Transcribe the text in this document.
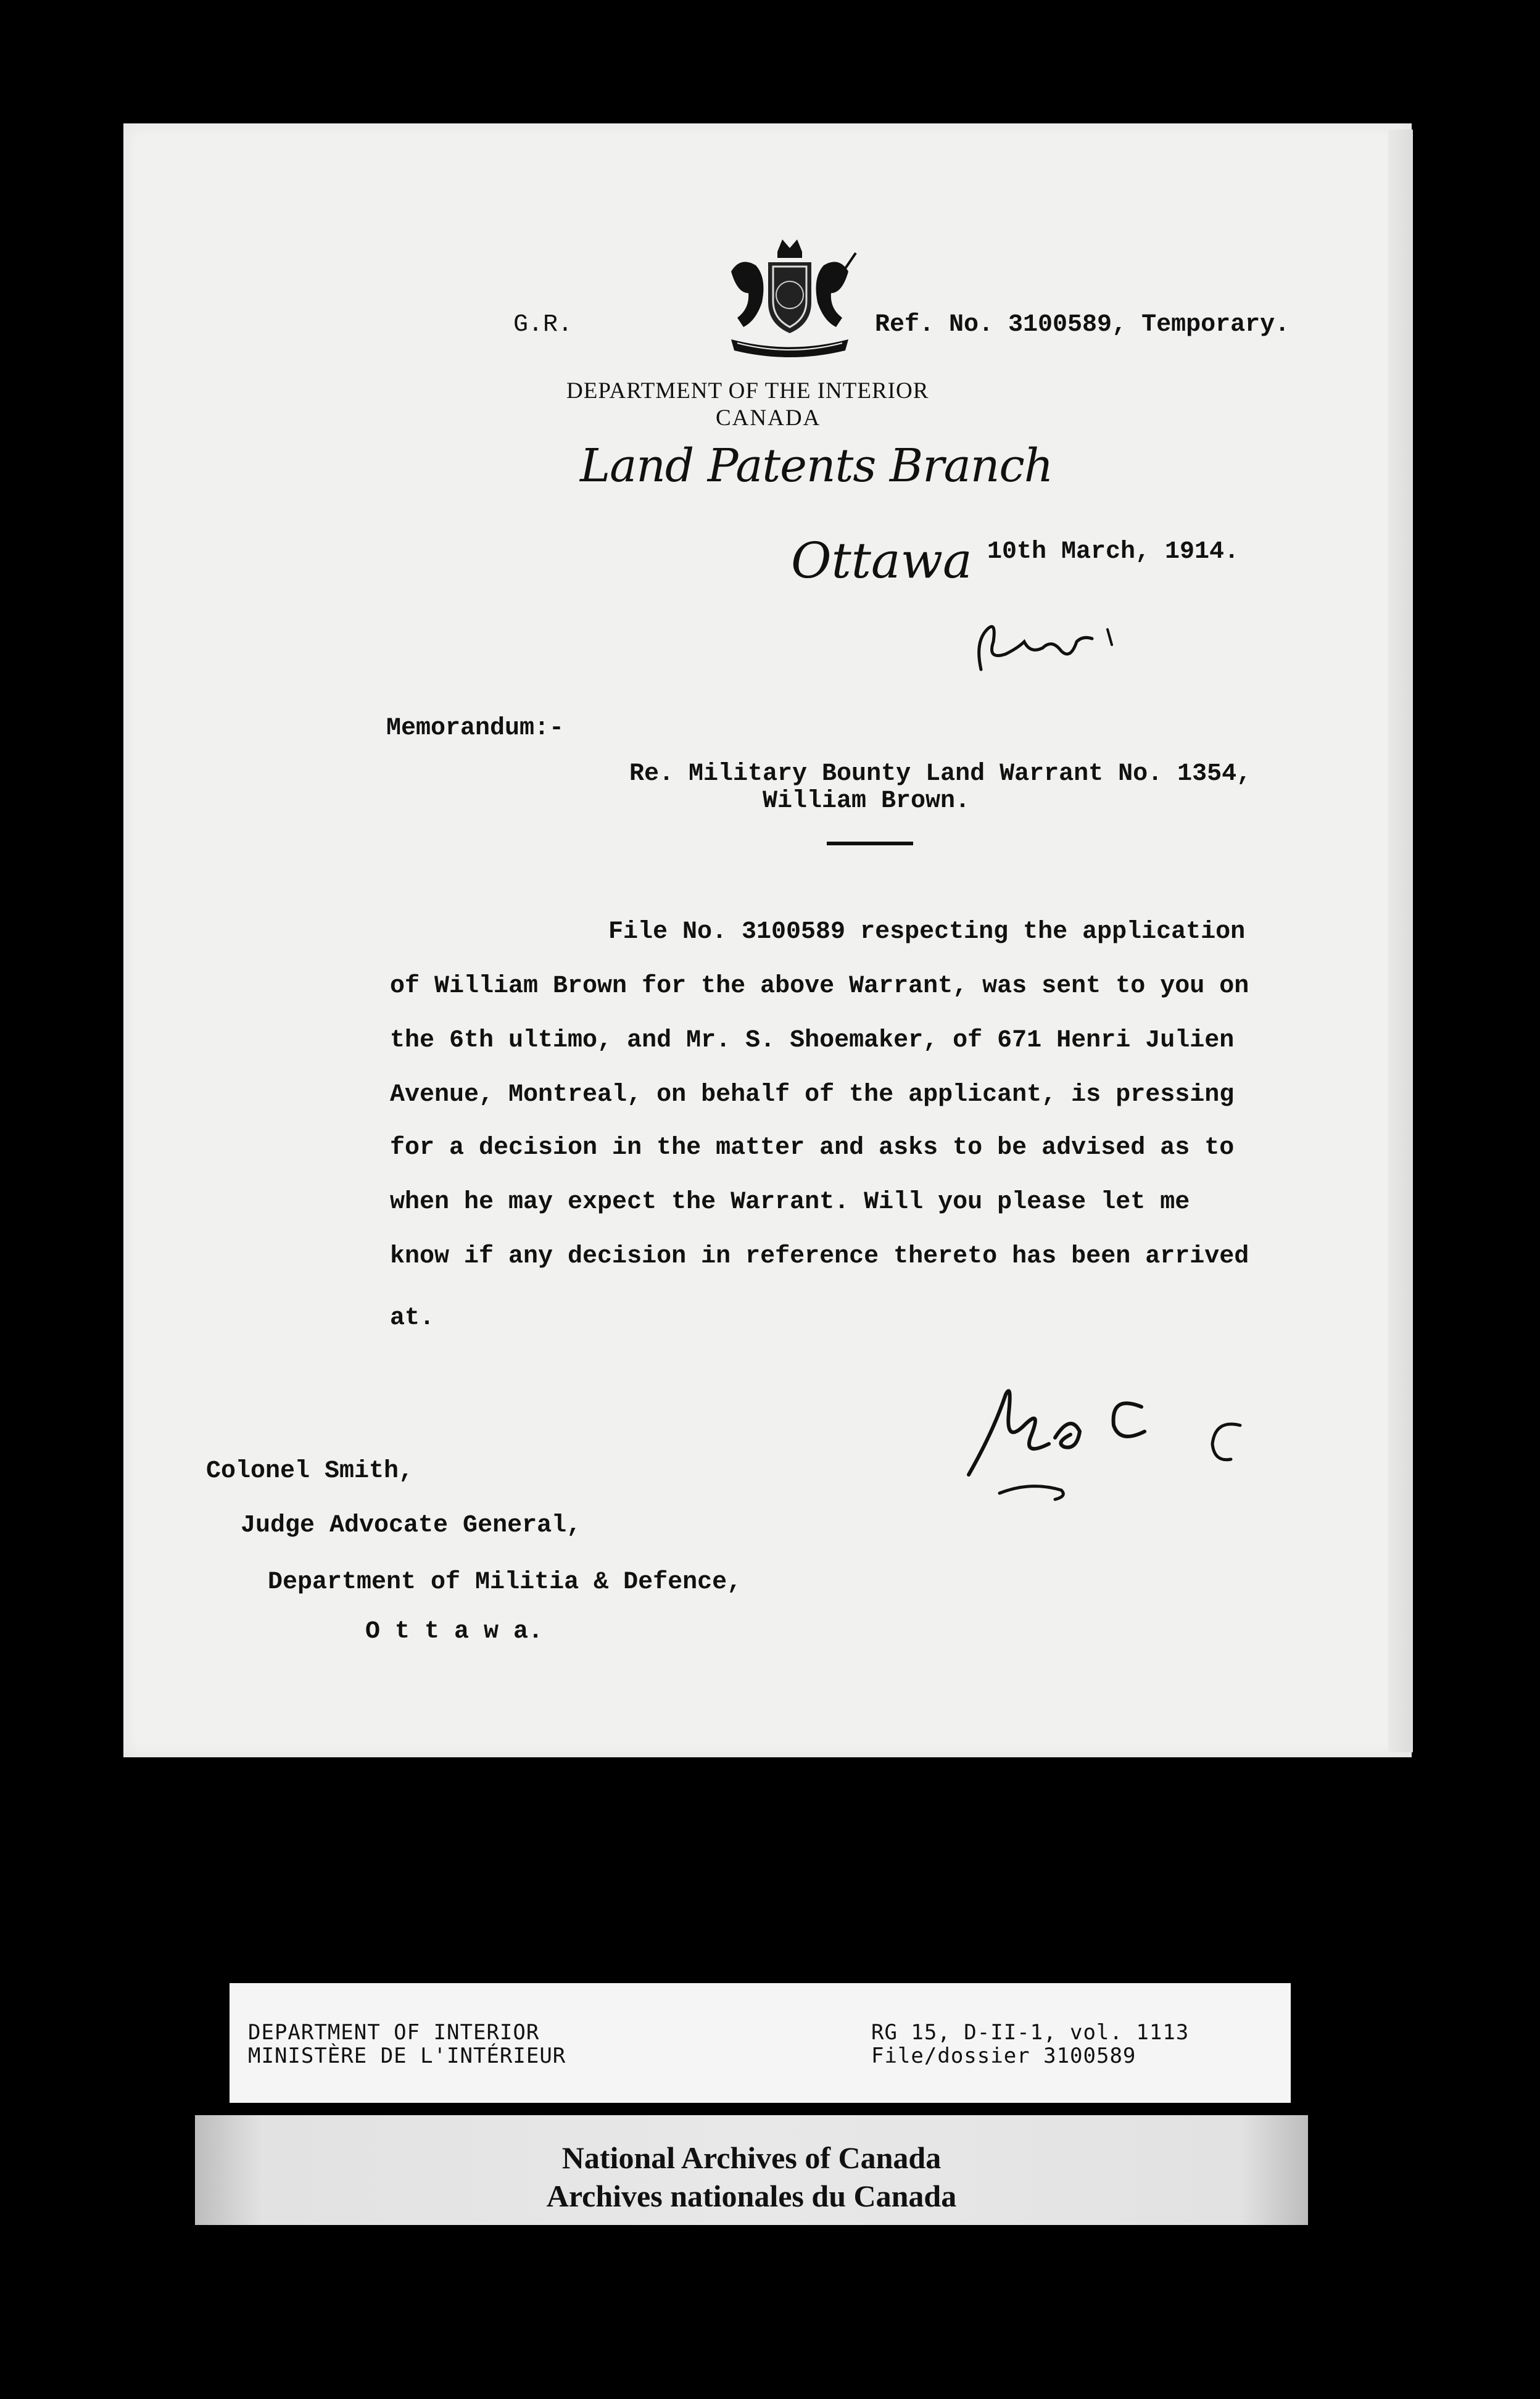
G.R.	Ref. No. 3100589, Temporary.
DEPARTMENT OF THE INTERIOR
CANADA
Land Patents Branch
Ottawa 10th March, 1914.
Memorandum:-
Re. Military Bounty Land Warrant No. 1354,
William Brown.
File No. 3100589 respecting the application
of William Brown for the above Warrant, was sent to you on
the 6th ultimo, and Mr. S. Shoemaker, of 671 Henri Julien
Avenue, Montreal, on behalf of the applicant, is pressing
for a decision in the matter and asks to be advised as to
when he may expect the Warrant. Will you please let me
know if any decision in reference thereto has been arrived
at.
Colonel Smith,
Judge Advocate General,
Department of Militia & Defence,
O t t a w a.
DEPARTMENT OF INTERIOR
MINISTÈRE DE L'INTÉRIEUR
RG 15, D-II-1, vol. 1113
File/dossier 3100589
National Archives of Canada
Archives nationales du Canada
